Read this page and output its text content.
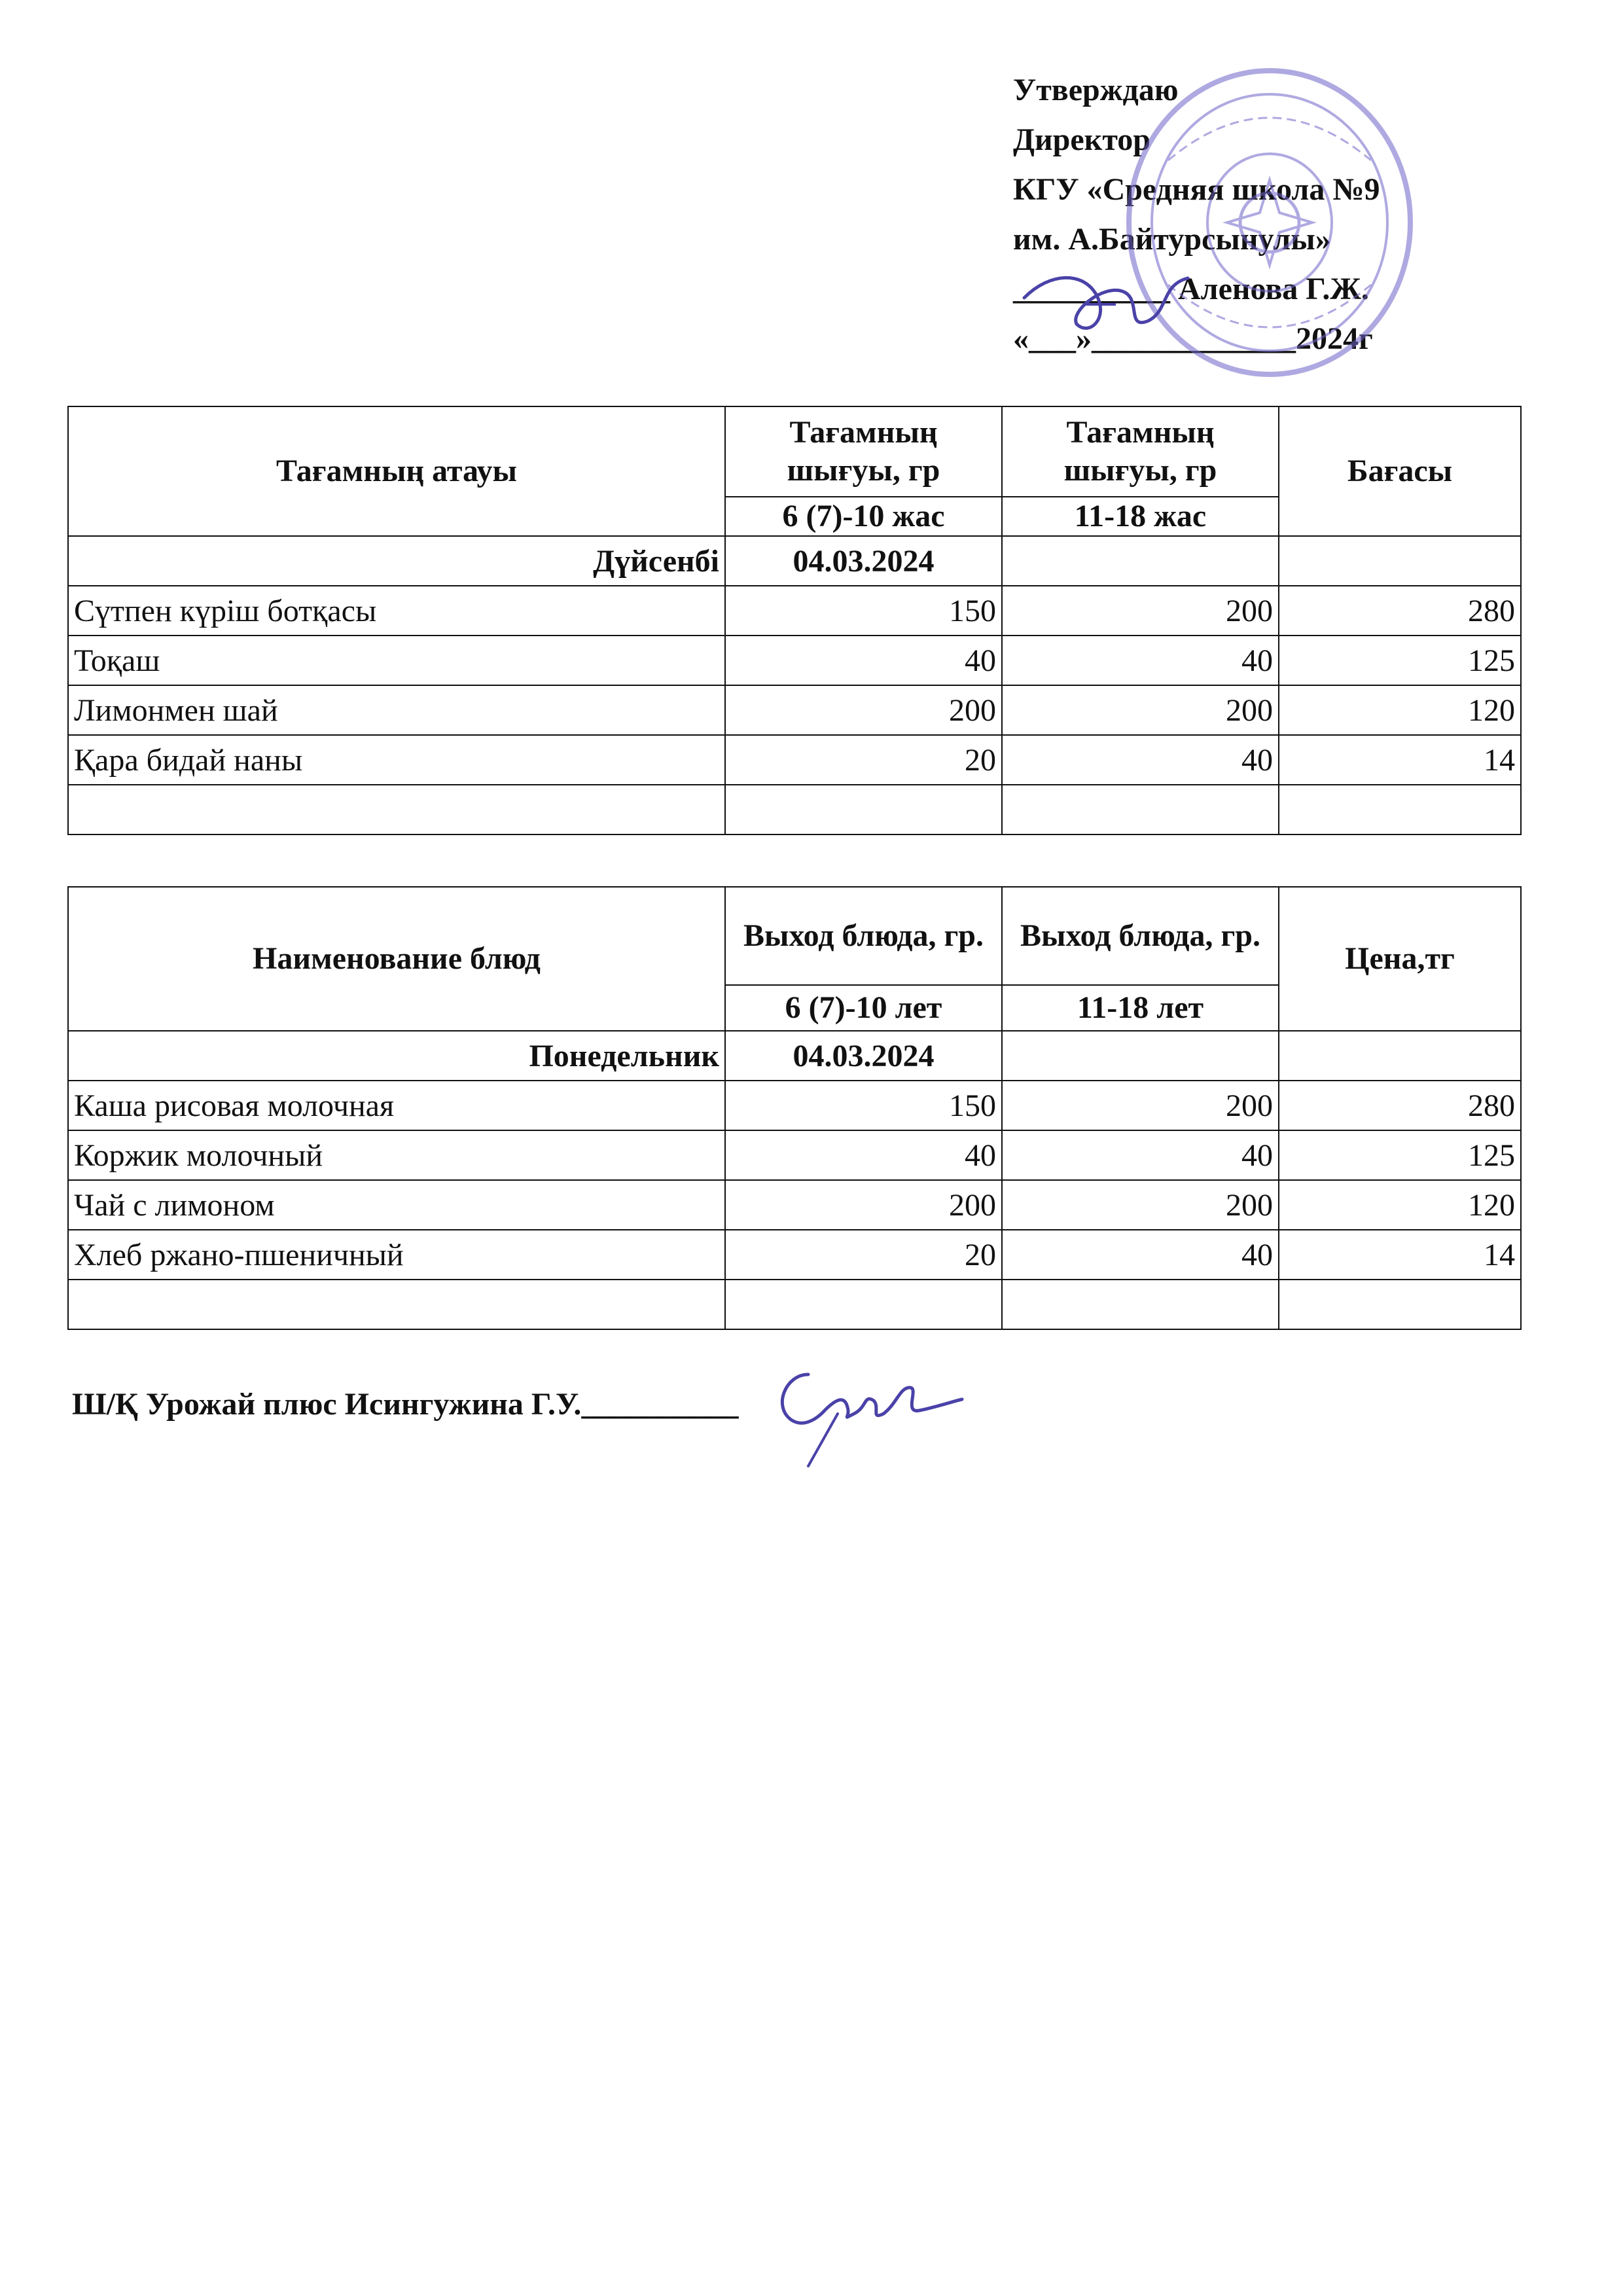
Утверждаю
Директор
КГУ «Средняя школа №9
им. А.Байтурсынулы»
__________ Аленова Г.Ж.
«___»_____________2024г
Тағамның атауы	Тағамның шығуы, гр	Тағамның шығуы, гр	Бағасы
	6 (7)-10 жас	11-18 жас	
Дүйсенбі	04.03.2024		
Сүтпен күріш ботқасы	150	200	280
Тоқаш	40	40	125
Лимонмен шай	200	200	120
Қара бидай наны	20	40	14

Наименование блюд	Выход блюда, гр.	Выход блюда, гр.	Цена,тг
	6 (7)-10 лет	11-18 лет	
Понедельник	04.03.2024		
Каша рисовая молочная	150	200	280
Коржик молочный	40	40	125
Чай с лимоном	200	200	120
Хлеб ржано-пшеничный	20	40	14

Ш/Қ Урожай плюс Исингужина Г.У.__________
